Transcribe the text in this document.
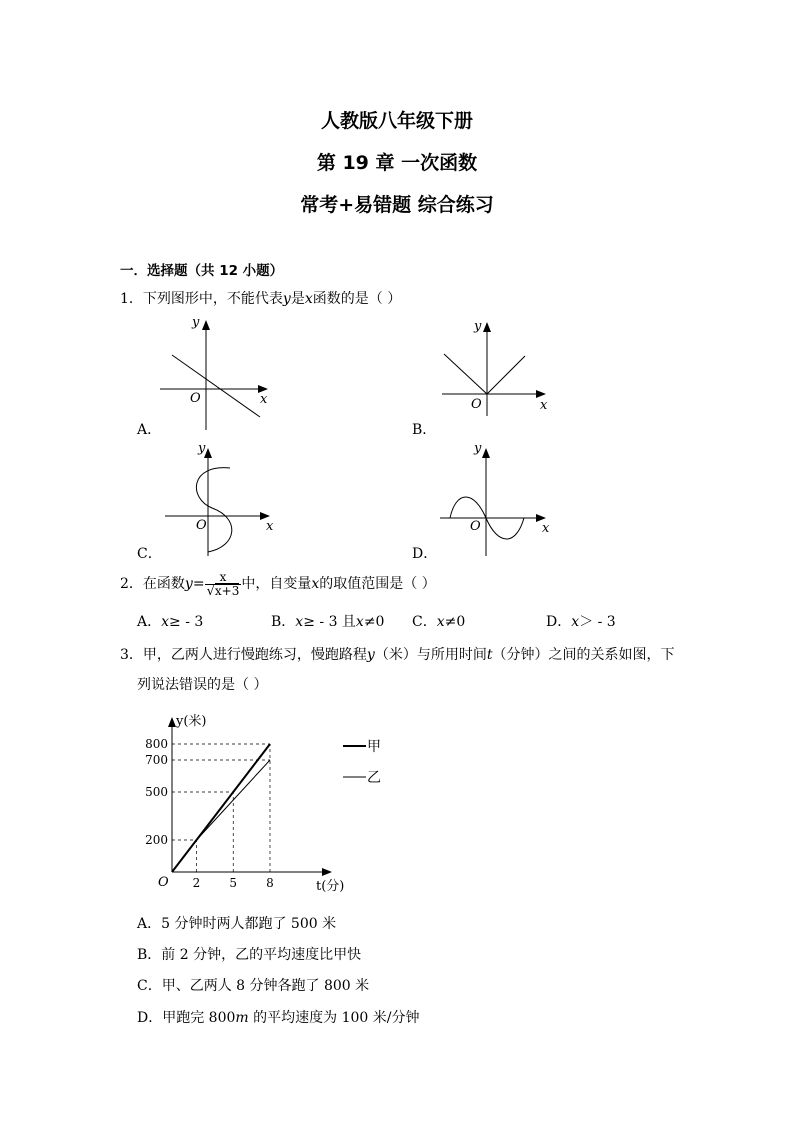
人教版八年级下册
第 19 章 一次函数
常考+易错题 综合练习
一．选择题（共 12 小题）
1．下列图形中，不能代表y是x函数的是（ ）
x
y
O
A．
x
y
O
B．
x
y
O
C．
x
y
O
D．
2．在函数$y= \frac{x}{√x+3}$ 中，自变量x的取值范围是（ ）
A．x≥ - 3	B．x≥ - 3 且x≠0 C．x≠0	D．x＞ - 3
3．甲，乙两人进行慢跑练习，慢跑路程y（米）与所用时间t（分钟）之间的关系如图，下
列说法错误的是（ ）
y(米)
t(分)
O
200
500
700
800
2 5 8
甲
乙
A．5 分钟时两人都跑了 500 米
B．前 2 分钟，乙的平均速度比甲快
C．甲、乙两人 8 分钟各跑了 800 米
D．甲跑完 800m 的平均速度为 100 米/分钟
